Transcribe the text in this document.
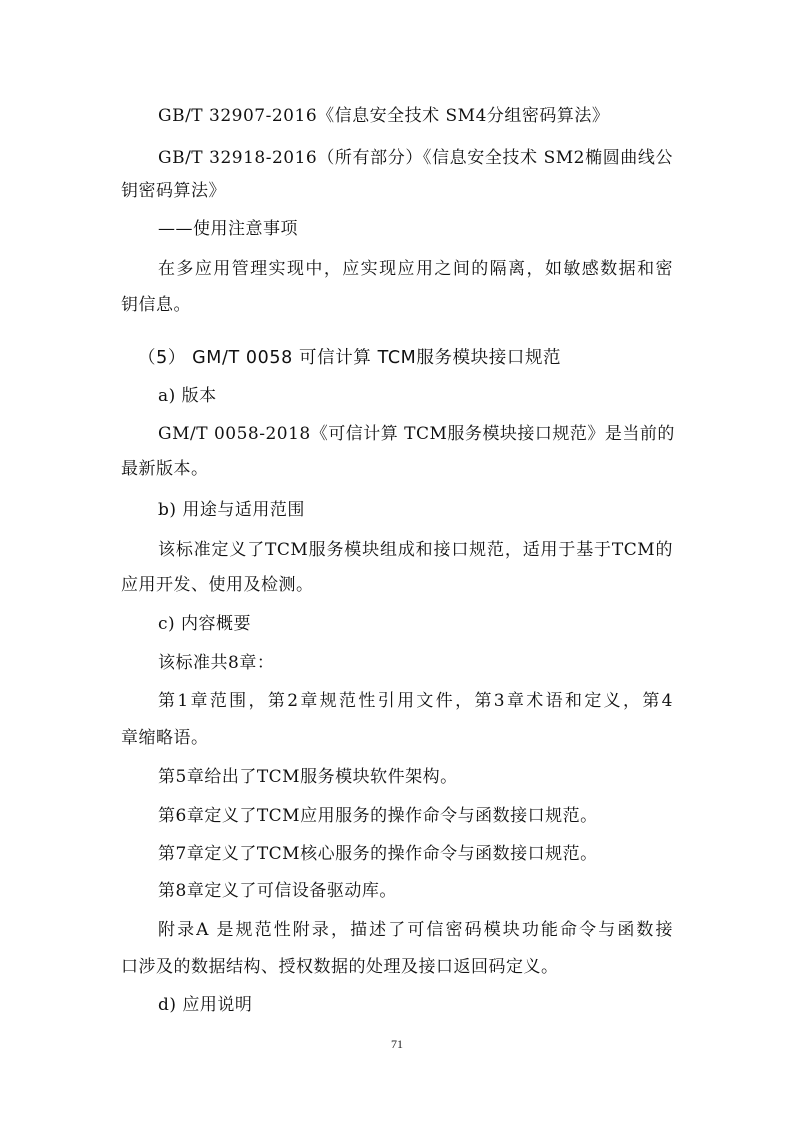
GB/T 32907-2016《信息安全技术 SM4分组密码算法》
GB/T 32918-2016（所有部分）《信息安全技术 SM2椭圆曲线公
钥密码算法》
——使用注意事项
在多应用管理实现中，应实现应用之间的隔离，如敏感数据和密
钥信息。
（5） GM/T 0058 可信计算 TCM服务模块接口规范
a) 版本
GM/T 0058-2018《可信计算 TCM服务模块接口规范》是当前的
最新版本。
b) 用途与适用范围
该标准定义了TCM服务模块组成和接口规范，适用于基于TCM的
应用开发、使用及检测。
c) 内容概要
该标准共8章：
第1章范围，第2章规范性引用文件，第3章术语和定义，第4
章缩略语。
第5章给出了TCM服务模块软件架构。
第6章定义了TCM应用服务的操作命令与函数接口规范。
第7章定义了TCM核心服务的操作命令与函数接口规范。
第8章定义了可信设备驱动库。
附录A 是规范性附录，描述了可信密码模块功能命令与函数接
口涉及的数据结构、授权数据的处理及接口返回码定义。
d) 应用说明
71
